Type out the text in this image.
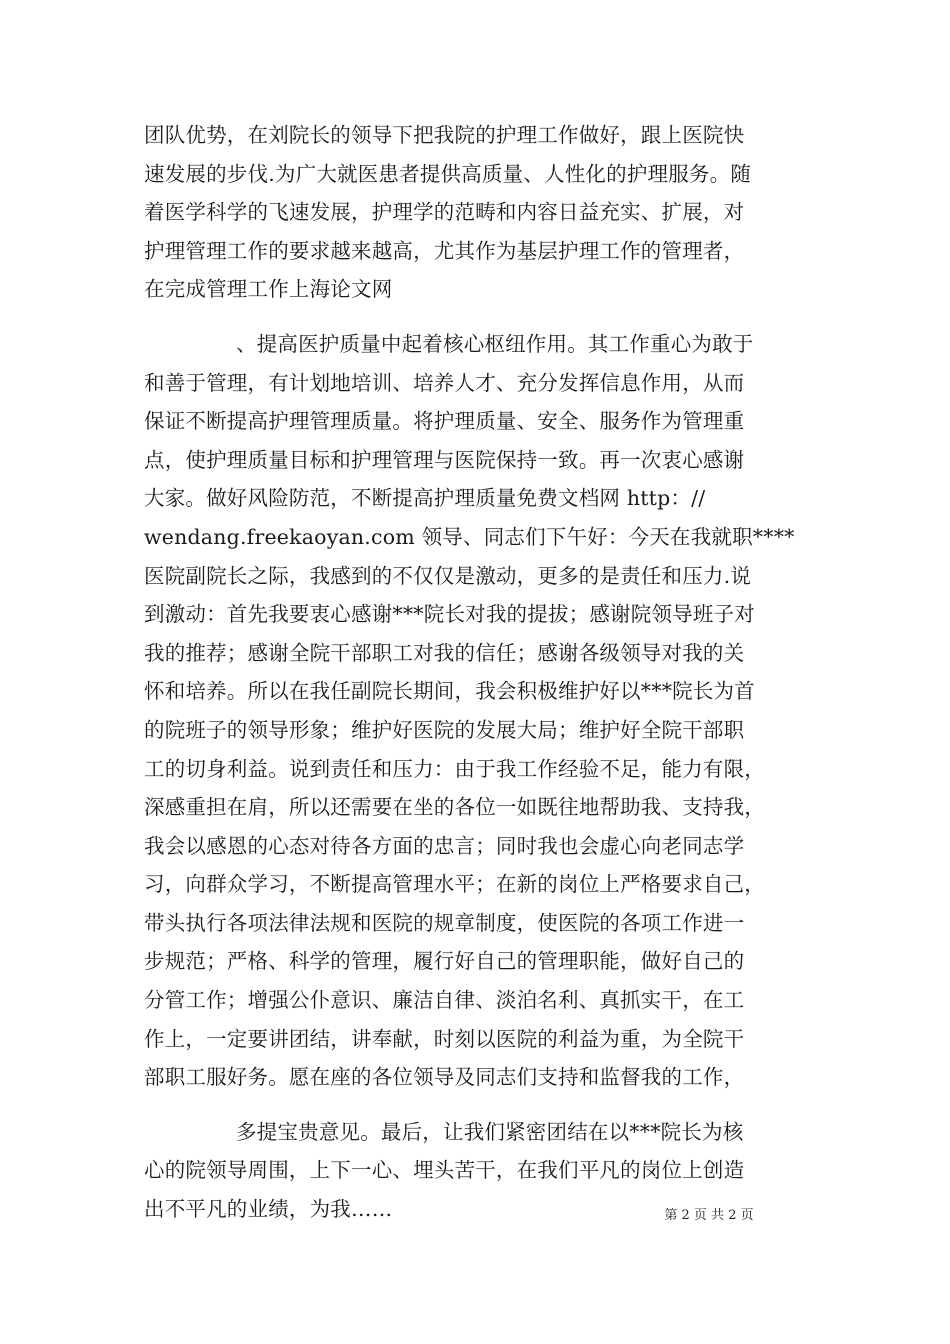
团队优势，在刘院长的领导下把我院的护理工作做好，跟上医院快
速发展的步伐.为广大就医患者提供高质量、人性化的护理服务。随
着医学科学的飞速发展，护理学的范畴和内容日益充实、扩展，对
护理管理工作的要求越来越高，尤其作为基层护理工作的管理者，
在完成管理工作上海论文网
、提高医护质量中起着核心枢纽作用。其工作重心为敢于
和善于管理，有计划地培训、培养人才、充分发挥信息作用，从而
保证不断提高护理管理质量。将护理质量、安全、服务作为管理重
点，使护理质量目标和护理管理与医院保持一致。再一次衷心感谢
大家。做好风险防范，不断提高护理质量免费文档网 http：//
wendang.freekaoyan.com 领导、同志们下午好：今天在我就职****
医院副院长之际，我感到的不仅仅是激动，更多的是责任和压力.说
到激动：首先我要衷心感谢***院长对我的提拔；感谢院领导班子对
我的推荐；感谢全院干部职工对我的信任；感谢各级领导对我的关
怀和培养。所以在我任副院长期间，我会积极维护好以***院长为首
的院班子的领导形象；维护好医院的发展大局；维护好全院干部职
工的切身利益。说到责任和压力：由于我工作经验不足，能力有限，
深感重担在肩，所以还需要在坐的各位一如既往地帮助我、支持我，
我会以感恩的心态对待各方面的忠言；同时我也会虚心向老同志学
习，向群众学习，不断提高管理水平；在新的岗位上严格要求自己，
带头执行各项法律法规和医院的规章制度，使医院的各项工作进一
步规范；严格、科学的管理，履行好自己的管理职能，做好自己的
分管工作；增强公仆意识、廉洁自律、淡泊名利、真抓实干，在工
作上，一定要讲团结，讲奉献，时刻以医院的利益为重，为全院干
部职工服好务。愿在座的各位领导及同志们支持和监督我的工作，
多提宝贵意见。最后，让我们紧密团结在以***院长为核
心的院领导周围，上下一心、埋头苦干，在我们平凡的岗位上创造
出不平凡的业绩，为我……	第 2 页 共 2 页
